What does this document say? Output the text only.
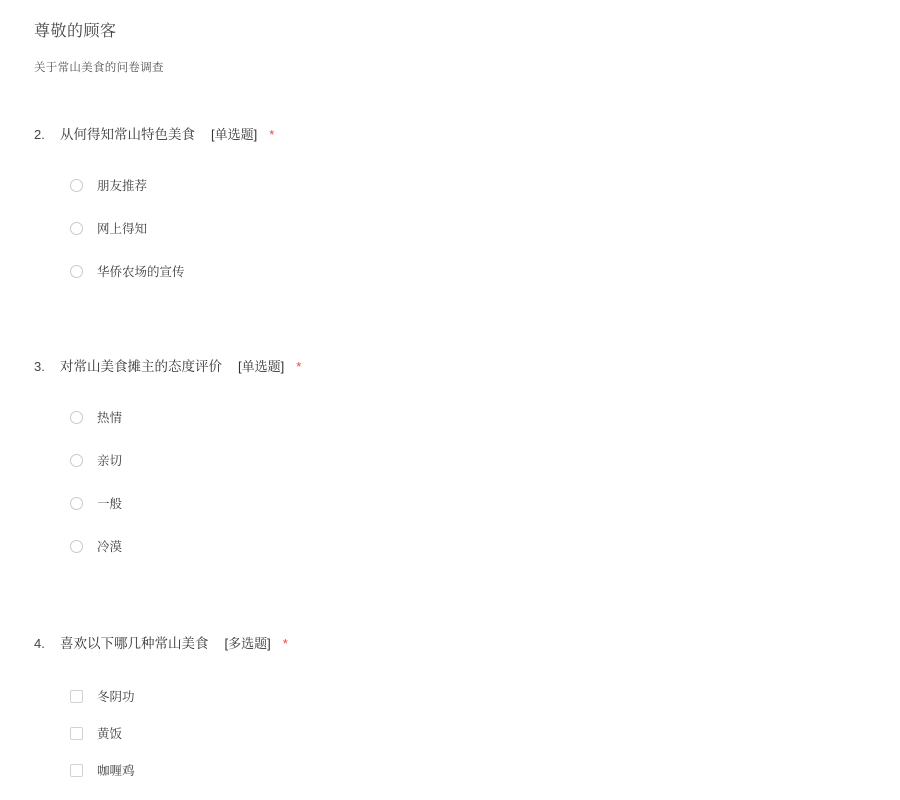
尊敬的顾客

关于常山美食的问卷调查

2.	从何得知常山特色美食 [单选题] *
朋友推荐
网上得知
华侨农场的宣传
3.	对常山美食摊主的态度评价 [单选题] *
热情
亲切
一般
冷漠
4.	喜欢以下哪几种常山美食 [多选题] *
冬阴功
黄饭
咖喱鸡
